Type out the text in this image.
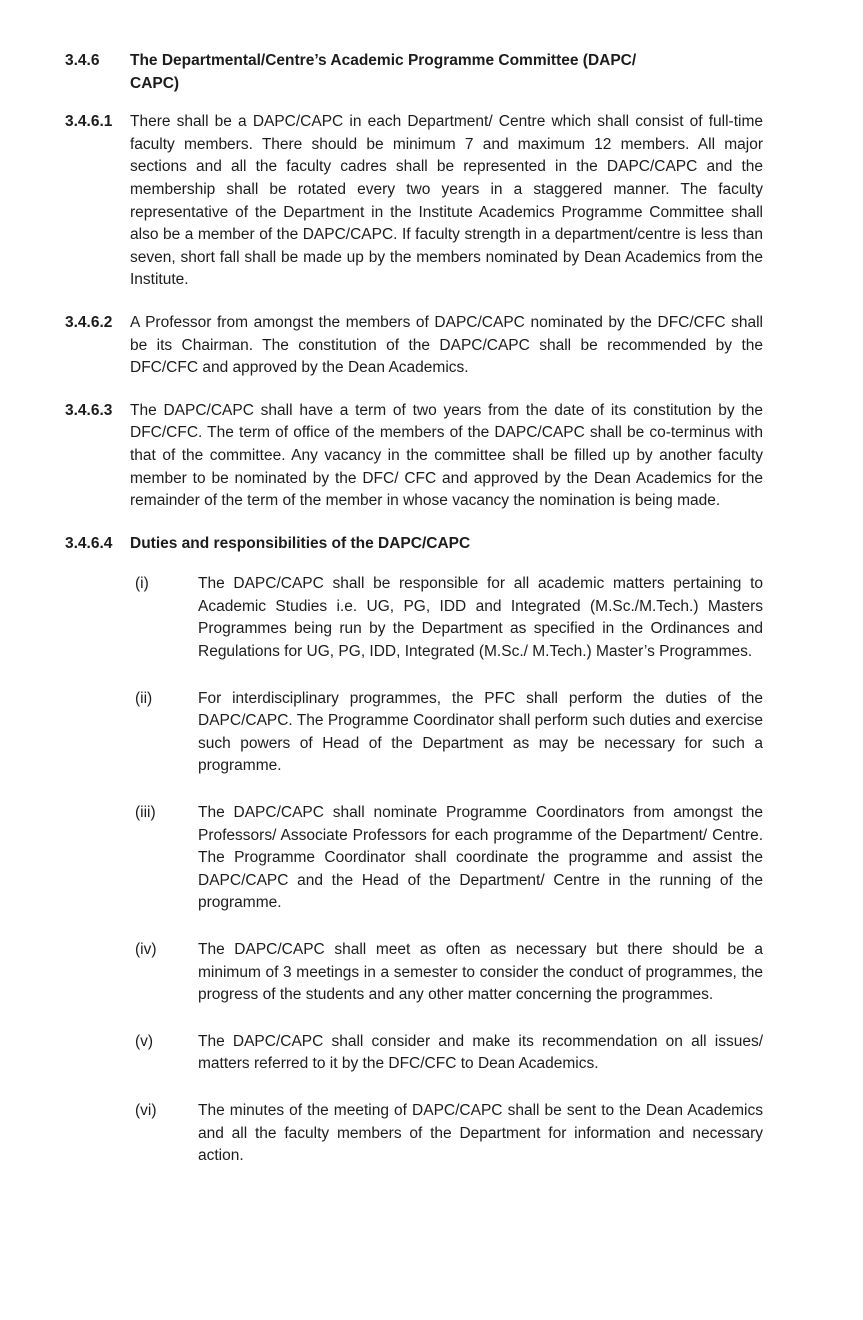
3.4.6	The Departmental/Centre’s Academic Programme Committee (DAPC/
CAPC)
3.4.6.1	There shall be a DAPC/CAPC in each Department/ Centre which shall consist of full-time faculty members. There should be minimum 7 and maximum 12 members. All major sections and all the faculty cadres shall be represented in the DAPC/CAPC and the membership shall be rotated every two years in a staggered manner. The faculty representative of the Department in the Institute Academics Programme Committee shall also be a member of the DAPC/CAPC. If faculty strength in a department/centre is less than seven, short fall shall be made up by the members nominated by Dean Academics from the Institute.
3.4.6.2	A Professor from amongst the members of DAPC/CAPC nominated by the DFC/CFC shall be its Chairman. The constitution of the DAPC/CAPC shall be recommended by the DFC/CFC and approved by the Dean Academics.
3.4.6.3	The DAPC/CAPC shall have a term of two years from the date of its constitution by the DFC/CFC. The term of office of the members of the DAPC/CAPC shall be co-terminus with that of the committee. Any vacancy in the committee shall be filled up by another faculty member to be nominated by the DFC/ CFC and approved by the Dean Academics for the remainder of the term of the member in whose vacancy the nomination is being made.
3.4.6.4	Duties and responsibilities of the DAPC/CAPC
(i)	The DAPC/CAPC shall be responsible for all academic matters pertaining to Academic Studies i.e. UG, PG, IDD and Integrated (M.Sc./M.Tech.) Masters Programmes being run by the Department as specified in the Ordinances and Regulations for UG, PG, IDD, Integrated (M.Sc./ M.Tech.) Master’s Programmes.
(ii)	For interdisciplinary programmes, the PFC shall perform the duties of the DAPC/CAPC. The Programme Coordinator shall perform such duties and exercise such powers of Head of the Department as may be necessary for such a programme.
(iii)	The DAPC/CAPC shall nominate Programme Coordinators from amongst the Professors/ Associate Professors for each programme of the Department/ Centre. The Programme Coordinator shall coordinate the programme and assist the DAPC/CAPC and the Head of the Department/ Centre in the running of the programme.
(iv)	The DAPC/CAPC shall meet as often as necessary but there should be a minimum of 3 meetings in a semester to consider the conduct of programmes, the progress of the students and any other matter concerning the programmes.
(v)	The DAPC/CAPC shall consider and make its recommendation on all issues/ matters referred to it by the DFC/CFC to Dean Academics.
(vi)	The minutes of the meeting of DAPC/CAPC shall be sent to the Dean Academics and all the faculty members of the Department for information and necessary action.
